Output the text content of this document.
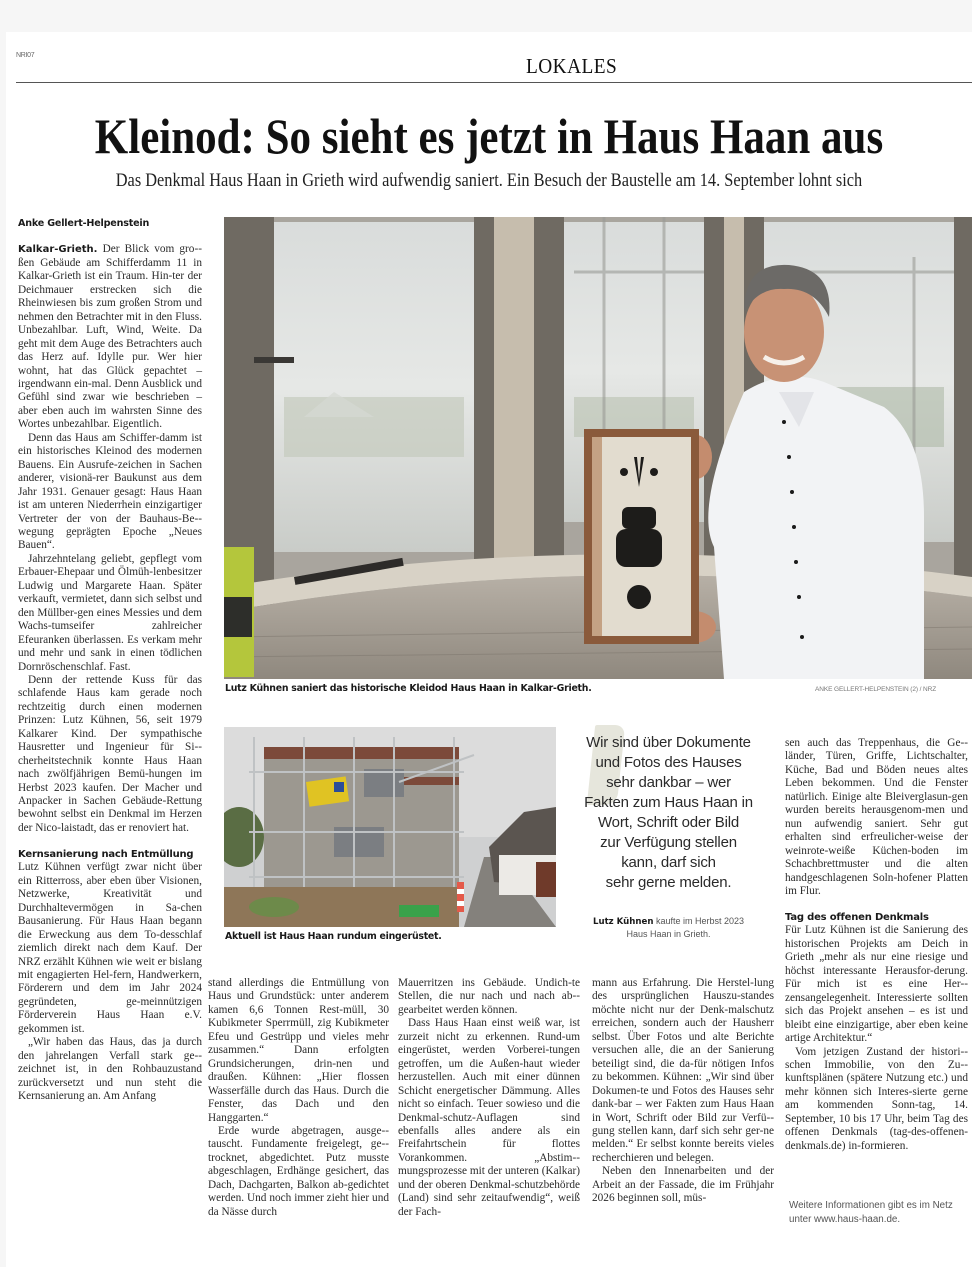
NRI07	LOKALES
Kleinod: So sieht es jetzt in Haus Haan aus
Das Denkmal Haus Haan in Grieth wird aufwendig saniert. Ein Besuch der Baustelle am 14. September lohnt sich
Anke Gellert-Helpenstein

Kalkar-Grieth. Der Blick vom gro-ßen Gebäude am Schifferdamm 11 in Kalkar-Grieth ist ein Traum. Hin-ter der Deichmauer erstrecken sich die Rheinwiesen bis zum großen Strom und nehmen den Betrachter mit in den Fluss. Unbezahlbar. Luft, Wind, Weite. Da geht mit dem Auge des Betrachters auch das Herz auf. Idylle pur. Wer hier wohnt, hat das Glück gepachtet – irgendwann ein-mal. Denn Ausblick und Gefühl sind zwar wie beschrieben – aber eben auch im wahrsten Sinne des Wortes unbezahlbar. Eigentlich.

Denn das Haus am Schiffer-damm ist ein historisches Kleinod des modernen Bauens. Ein Ausrufe-zeichen in Sachen anderer, visionä-rer Baukunst aus dem Jahr 1931. Genauer gesagt: Haus Haan ist am unteren Niederrhein einzigartiger Vertreter der von der Bauhaus-Be-wegung geprägten Epoche „Neues Bauen“.

Jahrzehntelang geliebt, gepflegt vom Erbauer-Ehepaar und Ölmüh-lenbesitzer Ludwig und Margarete Haan. Später verkauft, vermietet, dann sich selbst und den Müllber-gen eines Messies und dem Wachs-tumseifer zahlreicher Efeuranken überlassen. Es verkam mehr und mehr und sank in einen tödlichen Dornröschenschlaf. Fast.

Denn der rettende Kuss für das schlafende Haus kam gerade noch rechtzeitig durch einen modernen Prinzen: Lutz Kühnen, 56, seit 1979 Kalkarer Kind. Der sympathische Hausretter und Ingenieur für Si-cherheitstechnik konnte Haus Haan nach zwölfjährigen Bemü-hungen im Herbst 2023 kaufen. Der Macher und Anpacker in Sachen Gebäude-Rettung bewohnt selbst ein Denkmal im Herzen der Nico-laistadt, das er renoviert hat.

Kernsanierung nach Entmüllung

Lutz Kühnen verfügt zwar nicht über ein Ritterross, aber eben über Visionen, Netzwerke, Kreativität und Durchhaltevermögen in Sa-chen Bausanierung. Für Haus Haan begann die Erweckung aus dem To-desschlaf ziemlich direkt nach dem Kauf. Der NRZ erzählt Kühnen wie weit er bislang mit engagierten Hel-fern, Handwerkern, Förderern und dem im Jahr 2024 gegründeten, ge-meinnützigen Förderverein Haus Haan e.V. gekommen ist.

„Wir haben das Haus, das ja durch den jahrelangen Verfall stark ge-zeichnet ist, in den Rohbauzustand zurückversetzt und nun steht die Kernsanierung an. Am Anfang

Lutz Kühnen saniert das historische Kleidod Haus Haan in Kalkar-Grieth.	ANKE GELLERT-HELPENSTEIN (2) / NRZ
Aktuell ist Haus Haan rundum eingerüstet.
Wir sind über Dokumente
und Fotos des Hauses
sehr dankbar – wer
Fakten zum Haus Haan in
Wort, Schrift oder Bild
zur Verfügung stellen
kann, darf sich
sehr gerne melden.
Lutz Kühnen kaufte im Herbst 2023
Haus Haan in Grieth.

stand allerdings die Entmüllung von Haus und Grundstück: unter anderem kamen 6,6 Tonnen Rest-müll, 30 Kubikmeter Sperrmüll, zig Kubikmeter Efeu und Gestrüpp und vieles mehr zusammen.“ Dann erfolgten Grundsicherungen, drin-nen und draußen. Kühnen: „Hier flossen Wasserfälle durch das Haus. Durch die Fenster, das Dach und den Hanggarten.“

Erde wurde abgetragen, ausge-tauscht. Fundamente freigelegt, ge-trocknet, abgedichtet. Putz musste abgeschlagen, Erdhänge gesichert, das Dach, Dachgarten, Balkon ab-gedichtet werden. Und noch immer zieht hier und da Nässe durch

Mauerritzen ins Gebäude. Undich-te Stellen, die nur nach und nach ab-gearbeitet werden können.

Dass Haus Haan einst weiß war, ist zurzeit nicht zu erkennen. Rund-um eingerüstet, werden Vorberei-tungen getroffen, um die Außen-haut wieder herzustellen. Auch mit einer dünnen Schicht energetischer Dämmung. Alles nicht so einfach. Teuer sowieso und die Denkmal-schutz-Auflagen sind ebenfalls alles andere als ein Freifahrtschein für flottes Vorankommen. „Abstim-mungsprozesse mit der unteren (Kalkar) und der oberen Denkmal-schutzbehörde (Land) sind sehr zeitaufwendig“, weiß der Fach-

mann aus Erfahrung. Die Herstel-lung des ursprünglichen Hauszu-standes möchte nicht nur der Denk-malschutz erreichen, sondern auch der Hausherr selbst. Über Fotos und alte Berichte versuchen alle, die an der Sanierung beteiligt sind, die da-für nötigen Infos zu bekommen. Kühnen: „Wir sind über Dokumen-te und Fotos des Hauses sehr dank-bar – wer Fakten zum Haus Haan in Wort, Schrift oder Bild zur Verfü-gung stellen kann, darf sich sehr ger-ne melden.“ Er selbst konnte bereits vieles recherchieren und belegen.

Neben den Innenarbeiten und der Arbeit an der Fassade, die im Frühjahr 2026 beginnen soll, müs-

sen auch das Treppenhaus, die Ge-länder, Türen, Griffe, Lichtschalter, Küche, Bad und Böden neues altes Leben bekommen. Und die Fenster natürlich. Einige alte Bleiverglasun-gen wurden bereits herausgenom-men und nun aufwendig saniert. Sehr gut erhalten sind erfreulicher-weise der weinrote-weiße Küchen-boden im Schachbrettmuster und die alten handgeschlagenen Soln-hofener Platten im Flur.

Tag des offenen Denkmals

Für Lutz Kühnen ist die Sanierung des historischen Projekts am Deich in Grieth „mehr als nur eine riesige und höchst interessante Herausfor-derung. Für mich ist es eine Her-zensangelegenheit. Interessierte sollten sich das Projekt ansehen – es ist und bleibt eine einzigartige, aber eben keine artige Architektur.“

Vom jetzigen Zustand der histori-schen Immobilie, von den Zu-kunftsplänen (spätere Nutzung etc.) und mehr können sich Interes-sierte gerne am kommenden Sonn-tag, 14. September, 10 bis 17 Uhr, beim Tag des offenen Denkmals (tag-des-offenen-denkmals.de) in-formieren.

Weitere Informationen gibt es im Netz unter www.haus-haan.de.
